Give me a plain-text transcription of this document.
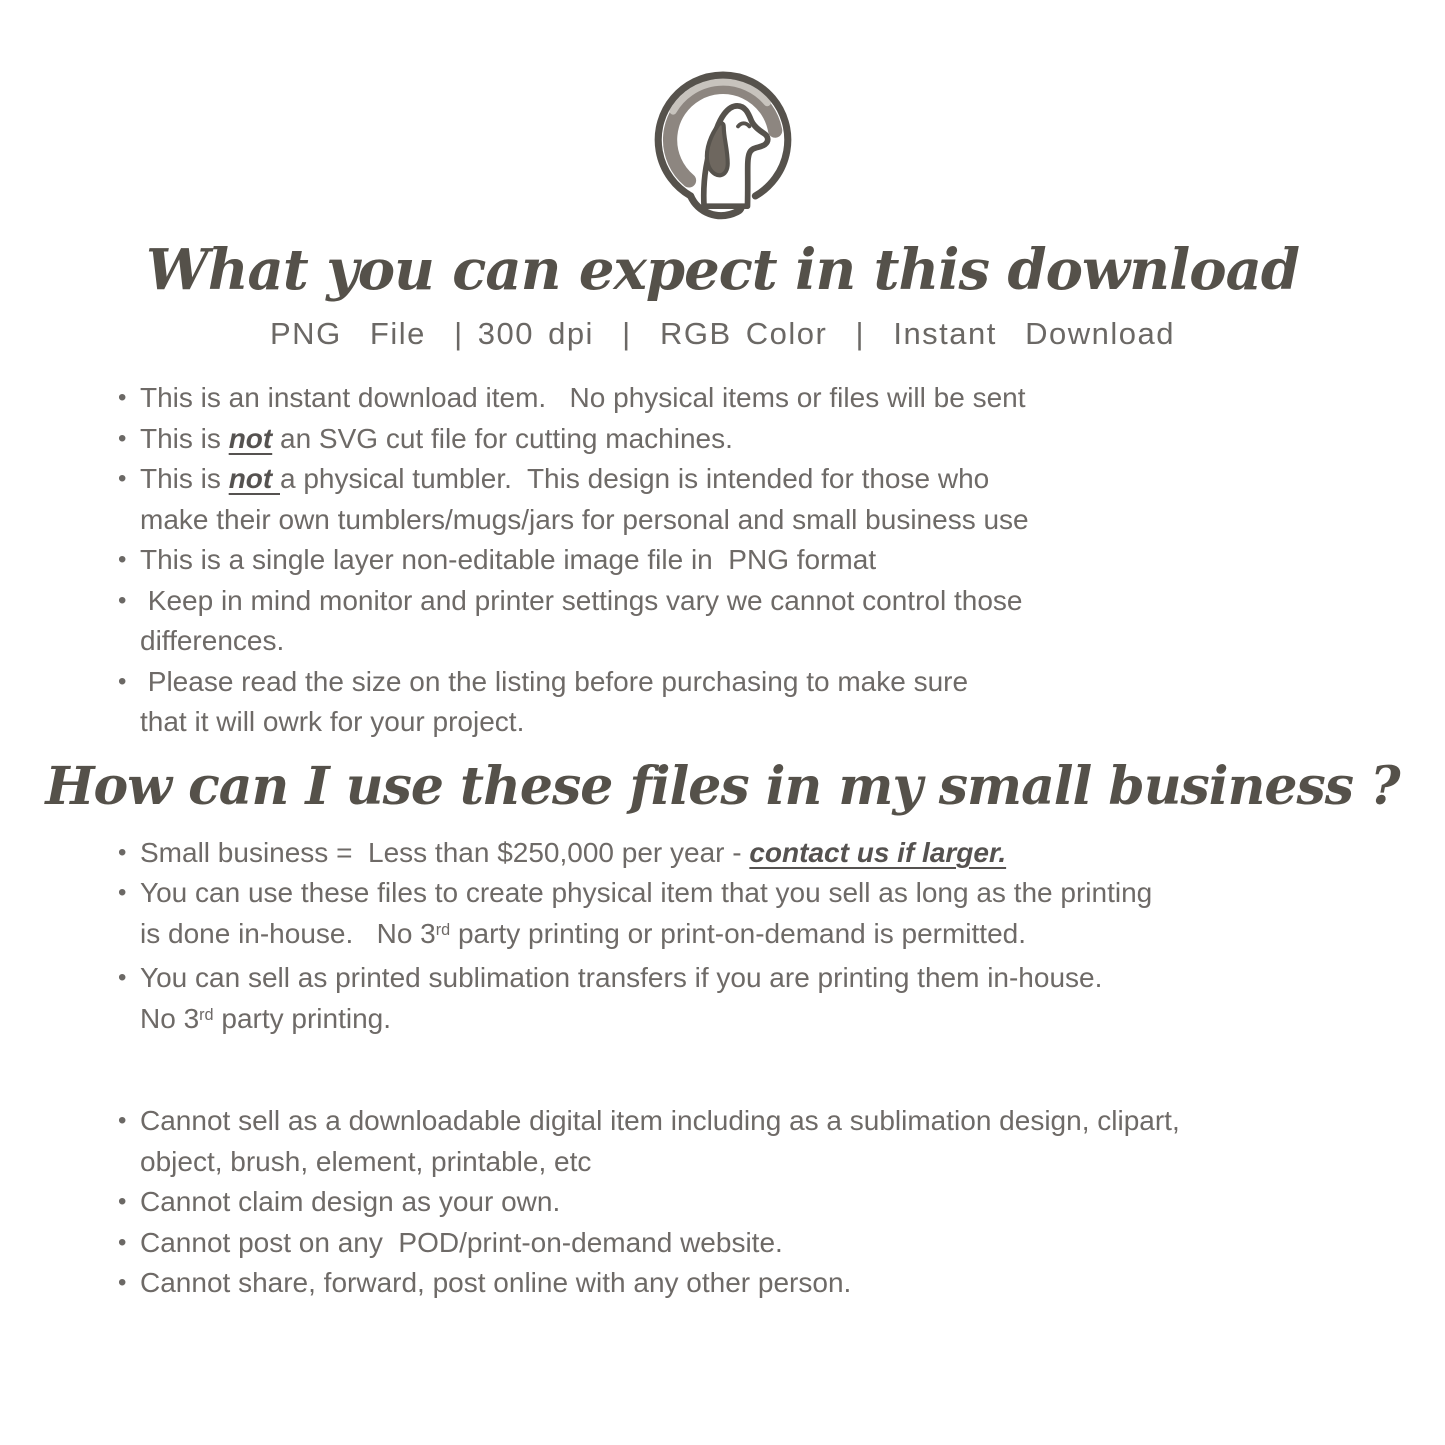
What you can expect in this download
PNG  File  | 300 dpi  |  RGB Color  |  Instant  Download
• This is an instant download item.   No physical items or files will be sent
• This is not an SVG cut file for cutting machines.
• This is not a physical tumbler.  This design is intended for those who
make their own tumblers/mugs/jars for personal and small business use
• This is a single layer non-editable image file in  PNG format
• Keep in mind monitor and printer settings vary we cannot control those
differences.
• Please read the size on the listing before purchasing to make sure
that it will owrk for your project.
How can I use these files in my small business ?
• Small business =  Less than $250,000 per year - contact us if larger.
• You can use these files to create physical item that you sell as long as the printing
is done in-house.   No 3rd party printing or print-on-demand is permitted.
• You can sell as printed sublimation transfers if you are printing them in-house.
No 3rd party printing.
• Cannot sell as a downloadable digital item including as a sublimation design, clipart,
object, brush, element, printable, etc
• Cannot claim design as your own.
• Cannot post on any  POD/print-on-demand website.
• Cannot share, forward, post online with any other person.
